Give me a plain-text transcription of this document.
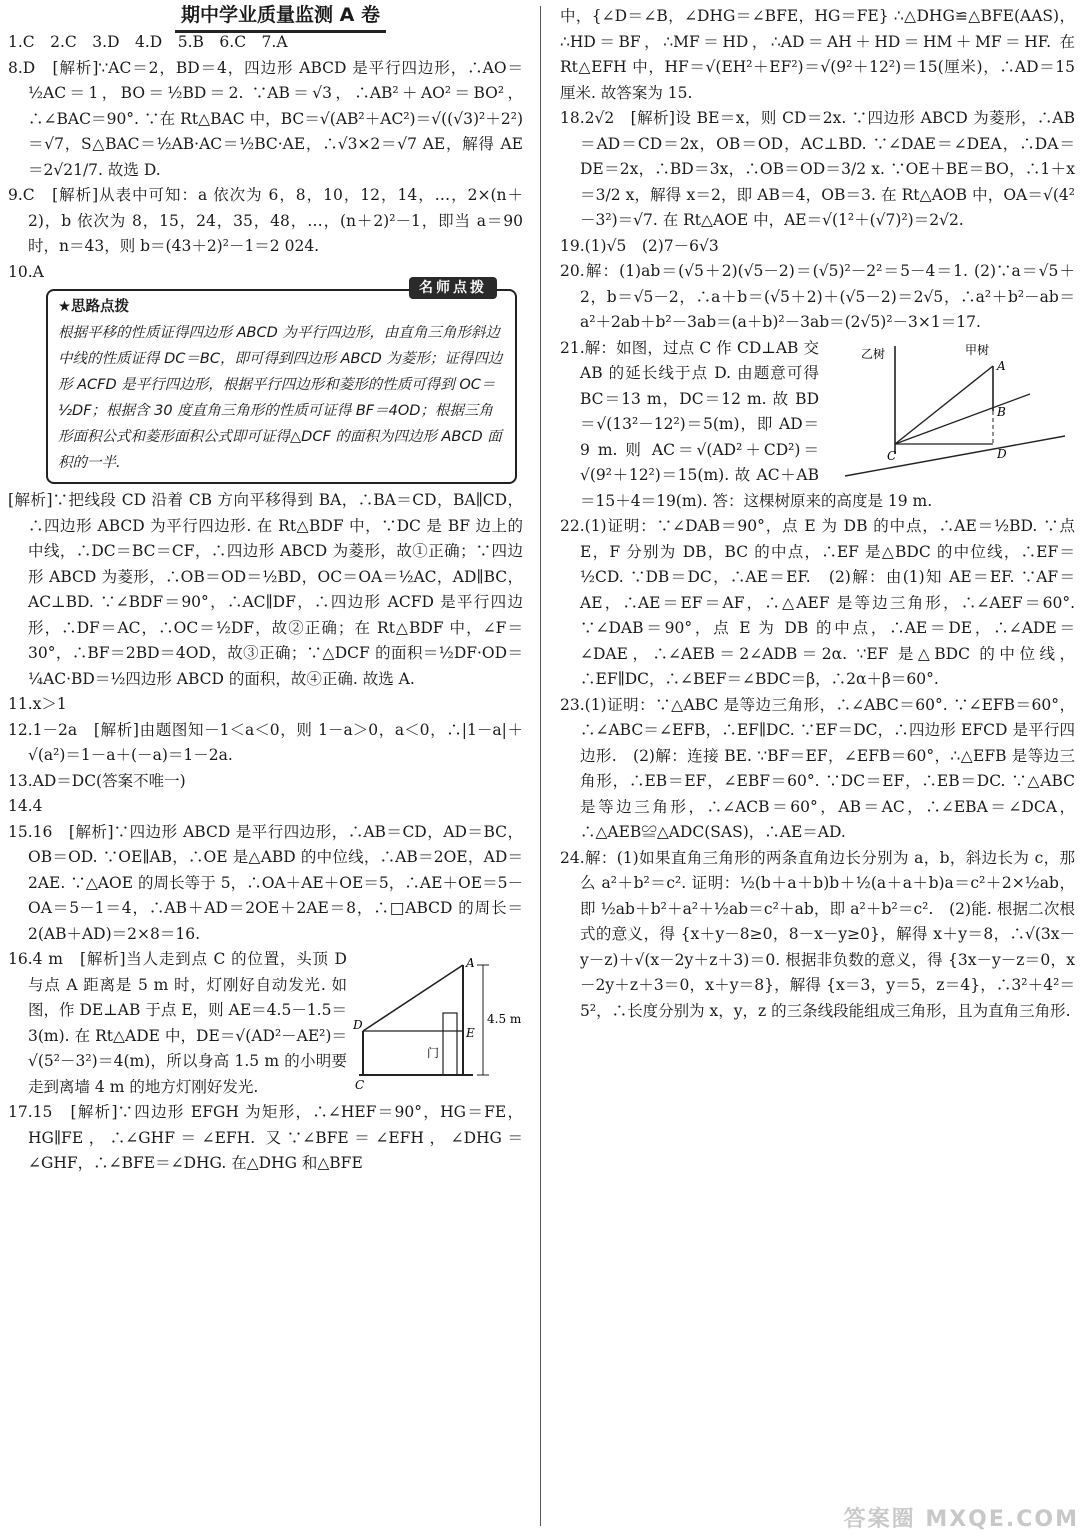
期中学业质量监测 A 卷

1.C　2.C　3.D　4.D　5.B　6.C　7.A

8.D　[解析]∵AC＝2，BD＝4，四边形 ABCD 是平行四边形，∴AO＝½AC＝1，BO＝½BD＝2. ∵AB＝√3，∴AB²＋AO²＝BO²，∴∠BAC＝90°. ∵在 Rt△BAC 中，BC＝√(AB²＋AC²)＝√((√3)²＋2²)＝√7，S△BAC＝½AB·AC＝½BC·AE，∴√3×2＝√7 AE，解得 AE＝2√21/7. 故选 D.

9.C　[解析]从表中可知：a 依次为 6，8，10，12，14，…，2×(n＋2)，b 依次为 8，15，24，35，48，…，(n＋2)²－1，即当 a＝90 时，n＝43，则 b＝(43＋2)²－1＝2 024.

10.A

名师点拨
★思路点拨
根据平移的性质证得四边形 ABCD 为平行四边形，由直角三角形斜边中线的性质证得 DC＝BC，即可得到四边形 ABCD 为菱形；证得四边形 ACFD 是平行四边形，根据平行四边形和菱形的性质可得到 OC＝½DF；根据含 30 度直角三角形的性质可证得 BF＝4OD；根据三角形面积公式和菱形面积公式即可证得△DCF 的面积为四边形 ABCD 面积的一半.

[解析]∵把线段 CD 沿着 CB 方向平移得到 BA，∴BA＝CD，BA∥CD，∴四边形 ABCD 为平行四边形. 在 Rt△BDF 中，∵DC 是 BF 边上的中线，∴DC＝BC＝CF，∴四边形 ABCD 为菱形，故①正确；∵四边形 ABCD 为菱形，∴OB＝OD＝½BD，OC＝OA＝½AC，AD∥BC，AC⊥BD. ∵∠BDF＝90°，∴AC∥DF，∴四边形 ACFD 是平行四边形，∴DF＝AC，∴OC＝½DF，故②正确；在 Rt△BDF 中，∠F＝30°，∴BF＝2BD＝4OD，故③正确；∵△DCF 的面积＝½DF·OD＝¼AC·BD＝½四边形 ABCD 的面积，故④正确. 故选 A.

11.x＞1

12.1－2a　[解析]由题图知－1＜a＜0，则 1－a＞0，a＜0，∴|1－a|＋√(a²)＝1－a＋(－a)＝1－2a.

13.AD＝DC(答案不唯一)

14.4

15.16　[解析]∵四边形 ABCD 是平行四边形，∴AB＝CD，AD＝BC，OB＝OD. ∵OE∥AB，∴OE 是△ABD 的中位线，∴AB＝2OE，AD＝2AE. ∵△AOE 的周长等于 5，∴OA＋AE＋OE＝5，∴AE＋OE＝5－OA＝5－1＝4，∴AB＋AD＝2OE＋2AE＝8，∴□ABCD 的周长＝2(AB＋AD)＝2×8＝16.

A
D
E
C
门
4.5 m

16.4 m　[解析]当人走到点 C 的位置，头顶 D 与点 A 距离是 5 m 时，灯刚好自动发光. 如图，作 DE⊥AB 于点 E，则 AE＝4.5－1.5＝3(m). 在 Rt△ADE 中，DE＝√(AD²－AE²)＝√(5²－3²)＝4(m)，所以身高 1.5 m 的小明要走到离墙 4 m 的地方灯刚好发光.

17.15　[解析]∵四边形 EFGH 为矩形，∴∠HEF＝90°，HG＝FE，HG∥FE，∴∠GHF＝∠EFH. 又∵∠BFE＝∠EFH，∠DHG＝∠GHF，∴∠BFE＝∠DHG. 在△DHG 和△BFE

中，{∠D＝∠B，∠DHG＝∠BFE，HG＝FE} ∴△DHG≌△BFE(AAS)，∴HD＝BF，∴MF＝HD，∴AD＝AH＋HD＝HM＋MF＝HF. 在 Rt△EFH 中，HF＝√(EH²＋EF²)＝√(9²＋12²)＝15(厘米)，∴AD＝15 厘米. 故答案为 15.

18.2√2　[解析]设 BE＝x，则 CD＝2x. ∵四边形 ABCD 为菱形，∴AB＝AD＝CD＝2x，OB＝OD，AC⊥BD. ∵∠DAE＝∠DEA，∴DA＝DE＝2x，∴BD＝3x，∴OB＝OD＝3/2 x. ∵OE＋BE＝BO，∴1＋x＝3/2 x，解得 x＝2，即 AB＝4，OB＝3. 在 Rt△AOB 中，OA＝√(4²－3²)＝√7. 在 Rt△AOE 中，AE＝√(1²＋(√7)²)＝2√2.

19.(1)√5　(2)7－6√3

20.解：(1)ab＝(√5＋2)(√5－2)＝(√5)²－2²＝5－4＝1. (2)∵a＝√5＋2，b＝√5－2，∴a＋b＝(√5＋2)＋(√5－2)＝2√5，∴a²＋b²－ab＝a²＋2ab＋b²－3ab＝(a＋b)²－3ab＝(2√5)²－3×1＝17.

乙树	甲树
A
B
C	D

21.解：如图，过点 C 作 CD⊥AB 交 AB 的延长线于点 D. 由题意可得 BC＝13 m，DC＝12 m. 故 BD＝√(13²－12²)＝5(m)，即 AD＝9 m. 则 AC＝√(AD²＋CD²)＝√(9²＋12²)＝15(m). 故 AC＋AB＝15＋4＝19(m). 答：这棵树原来的高度是 19 m.

22.(1)证明：∵∠DAB＝90°，点 E 为 DB 的中点，∴AE＝½BD. ∵点 E，F 分别为 DB，BC 的中点，∴EF 是△BDC 的中位线，∴EF＝½CD. ∵DB＝DC，∴AE＝EF.　(2)解：由(1)知 AE＝EF. ∵AF＝AE，∴AE＝EF＝AF，∴△AEF 是等边三角形，∴∠AEF＝60°. ∵∠DAB＝90°，点 E 为 DB 的中点，∴AE＝DE，∴∠ADE＝∠DAE，∴∠AEB＝2∠ADB＝2α. ∵EF 是△BDC 的中位线，∴EF∥DC，∴∠BEF＝∠BDC＝β，∴2α＋β＝60°.

23.(1)证明：∵△ABC 是等边三角形，∴∠ABC＝60°. ∵∠EFB＝60°，∴∠ABC＝∠EFB，∴EF∥DC. ∵EF＝DC，∴四边形 EFCD 是平行四边形.　(2)解：连接 BE. ∵BF＝EF，∠EFB＝60°，∴△EFB 是等边三角形，∴EB＝EF，∠EBF＝60°. ∵DC＝EF，∴EB＝DC. ∵△ABC 是等边三角形，∴∠ACB＝60°，AB＝AC，∴∠EBA＝∠DCA，∴△AEB≌△ADC(SAS)，∴AE＝AD.

24.解：(1)如果直角三角形的两条直角边长分别为 a，b，斜边长为 c，那么 a²＋b²＝c². 证明：½(b＋a＋b)b＋½(a＋a＋b)a＝c²＋2×½ab，即 ½ab＋b²＋a²＋½ab＝c²＋ab，即 a²＋b²＝c².　(2)能. 根据二次根式的意义，得 {x＋y－8≥0，8－x－y≥0}，解得 x＋y＝8，∴√(3x－y－z)＋√(x－2y＋z＋3)＝0. 根据非负数的意义，得 {3x－y－z＝0，x－2y＋z＋3＝0，x＋y＝8}，解得 {x＝3，y＝5，z＝4}，∴3²＋4²＝5²，∴长度分别为 x，y，z 的三条线段能组成三角形，且为直角三角形.

答案圈 MXQE.COM
